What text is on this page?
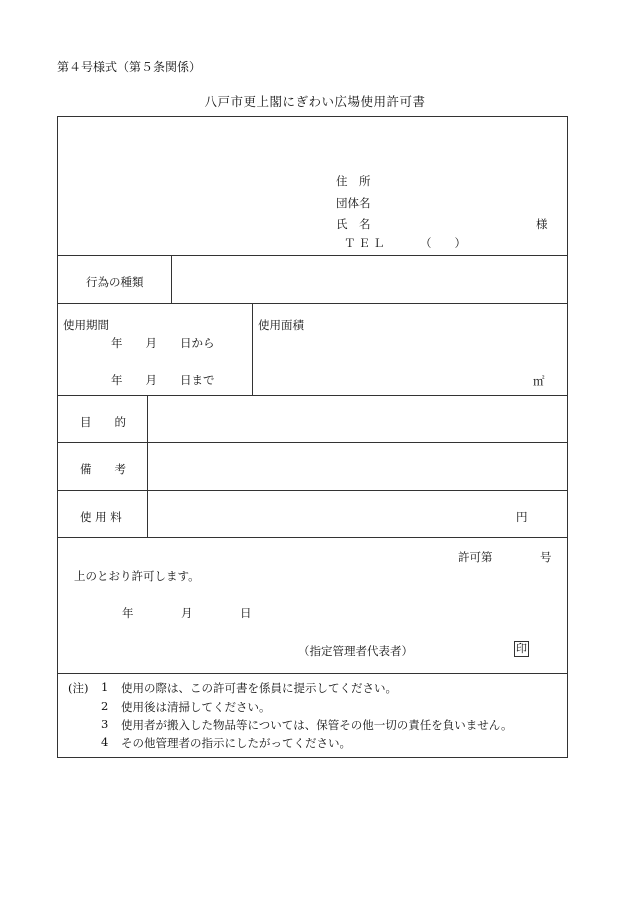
第４号様式（第５条関係）
八戸市更上閣にぎわい広場使用許可書
住　所
団体名
氏　名	様
ＴＥＬ	（　　）
行為の種類
使用期間
年　　月　　日から
年　　月　　日まで
使用面積
㎡
目　　的
備　　考
使 用 料	円
許可第	号
上のとおり許可します。
年	月	日
（指定管理者代表者）	印
(注) 1 使用の際は、この許可書を係員に提示してください。
2 使用後は清掃してください。
3 使用者が搬入した物品等については、保管その他一切の責任を負いません。
4 その他管理者の指示にしたがってください。
